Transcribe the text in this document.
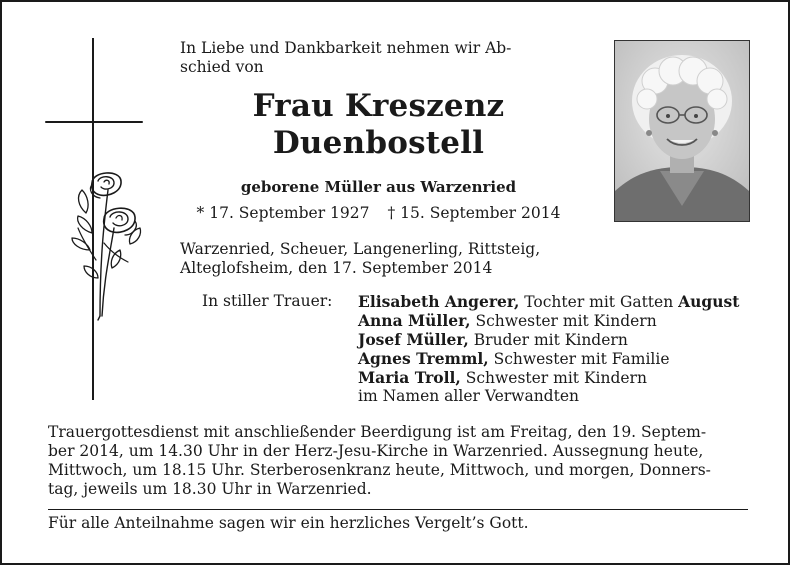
In Liebe und Dankbarkeit nehmen wir Ab-
schied von
Frau Kreszenz
Duenbostell
geborene Müller aus Warzenried
* 17. September 1927 † 15. September 2014
Warzenried, Scheuer, Langenerling, Rittsteig,
Alteglofsheim, den 17. September 2014
In stiller Trauer:	Elisabeth Angerer, Tochter mit Gatten August
Anna Müller, Schwester mit Kindern
Josef Müller, Bruder mit Kindern
Agnes Tremml, Schwester mit Familie
Maria Troll, Schwester mit Kindern
im Namen aller Verwandten
Trauergottesdienst mit anschließender Beerdigung ist am Freitag, den 19. Septem-
ber 2014, um 14.30 Uhr in der Herz-Jesu-Kirche in Warzenried. Aussegnung heute,
Mittwoch, um 18.15 Uhr. Sterberosenkranz heute, Mittwoch, und morgen, Donners-
tag, jeweils um 18.30 Uhr in Warzenried.
Für alle Anteilnahme sagen wir ein herzliches Vergelt’s Gott.
